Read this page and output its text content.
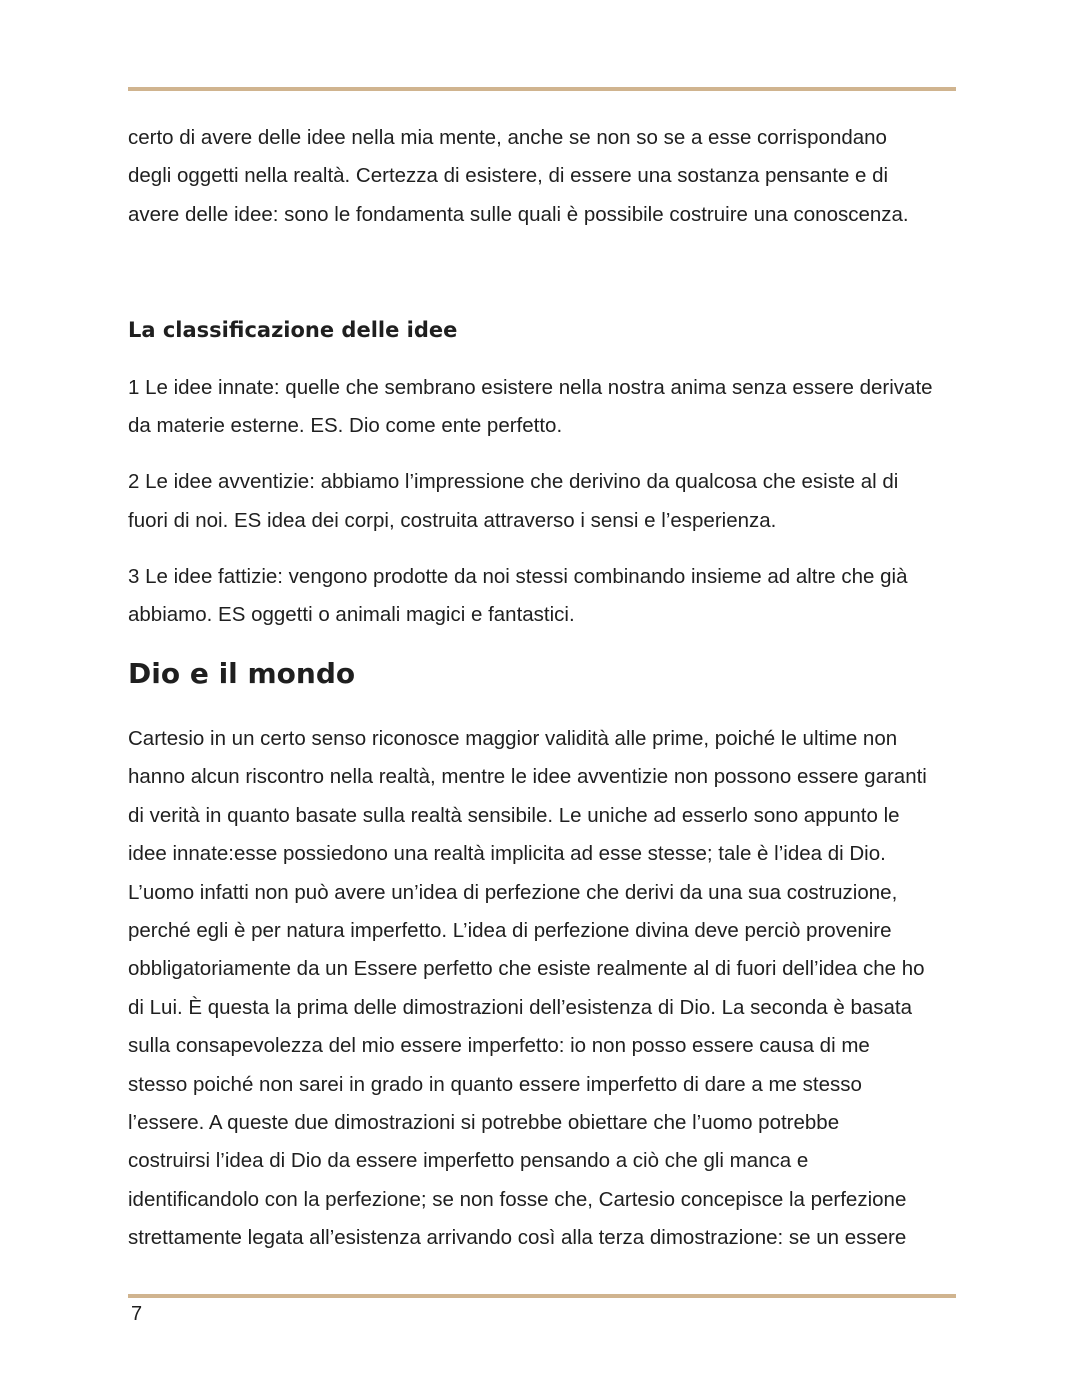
certo di avere delle idee nella mia mente, anche se non so se a esse corrispondano
degli oggetti nella realtà. Certezza di esistere, di essere una sostanza pensante e di
avere delle idee: sono le fondamenta sulle quali è possibile costruire una conoscenza.
La classificazione delle idee
1 Le idee innate: quelle che sembrano esistere nella nostra anima senza essere derivate
da materie esterne. ES. Dio come ente perfetto.
2 Le idee avventizie: abbiamo l’impressione che derivino da qualcosa che esiste al di
fuori di noi. ES idea dei corpi, costruita attraverso i sensi e l’esperienza.
3 Le idee fattizie: vengono prodotte da noi stessi combinando insieme ad altre che già
abbiamo. ES oggetti o animali magici e fantastici.
Dio e il mondo
Cartesio in un certo senso riconosce maggior validità alle prime, poiché le ultime non
hanno alcun riscontro nella realtà, mentre le idee avventizie non possono essere garanti
di verità in quanto basate sulla realtà sensibile. Le uniche ad esserlo sono appunto le
idee innate:esse possiedono una realtà implicita ad esse stesse; tale è l’idea di Dio.
L’uomo infatti non può avere un’idea di perfezione che derivi da una sua costruzione,
perché egli è per natura imperfetto. L’idea di perfezione divina deve perciò provenire
obbligatoriamente da un Essere perfetto che esiste realmente al di fuori dell’idea che ho
di Lui. È questa la prima delle dimostrazioni dell’esistenza di Dio. La seconda è basata
sulla consapevolezza del mio essere imperfetto: io non posso essere causa di me
stesso poiché non sarei in grado in quanto essere imperfetto di dare a me stesso
l’essere. A queste due dimostrazioni si potrebbe obiettare che l’uomo potrebbe
costruirsi l’idea di Dio da essere imperfetto pensando a ciò che gli manca e
identificandolo con la perfezione; se non fosse che, Cartesio concepisce la perfezione
strettamente legata all’esistenza arrivando così alla terza dimostrazione: se un essere
7
